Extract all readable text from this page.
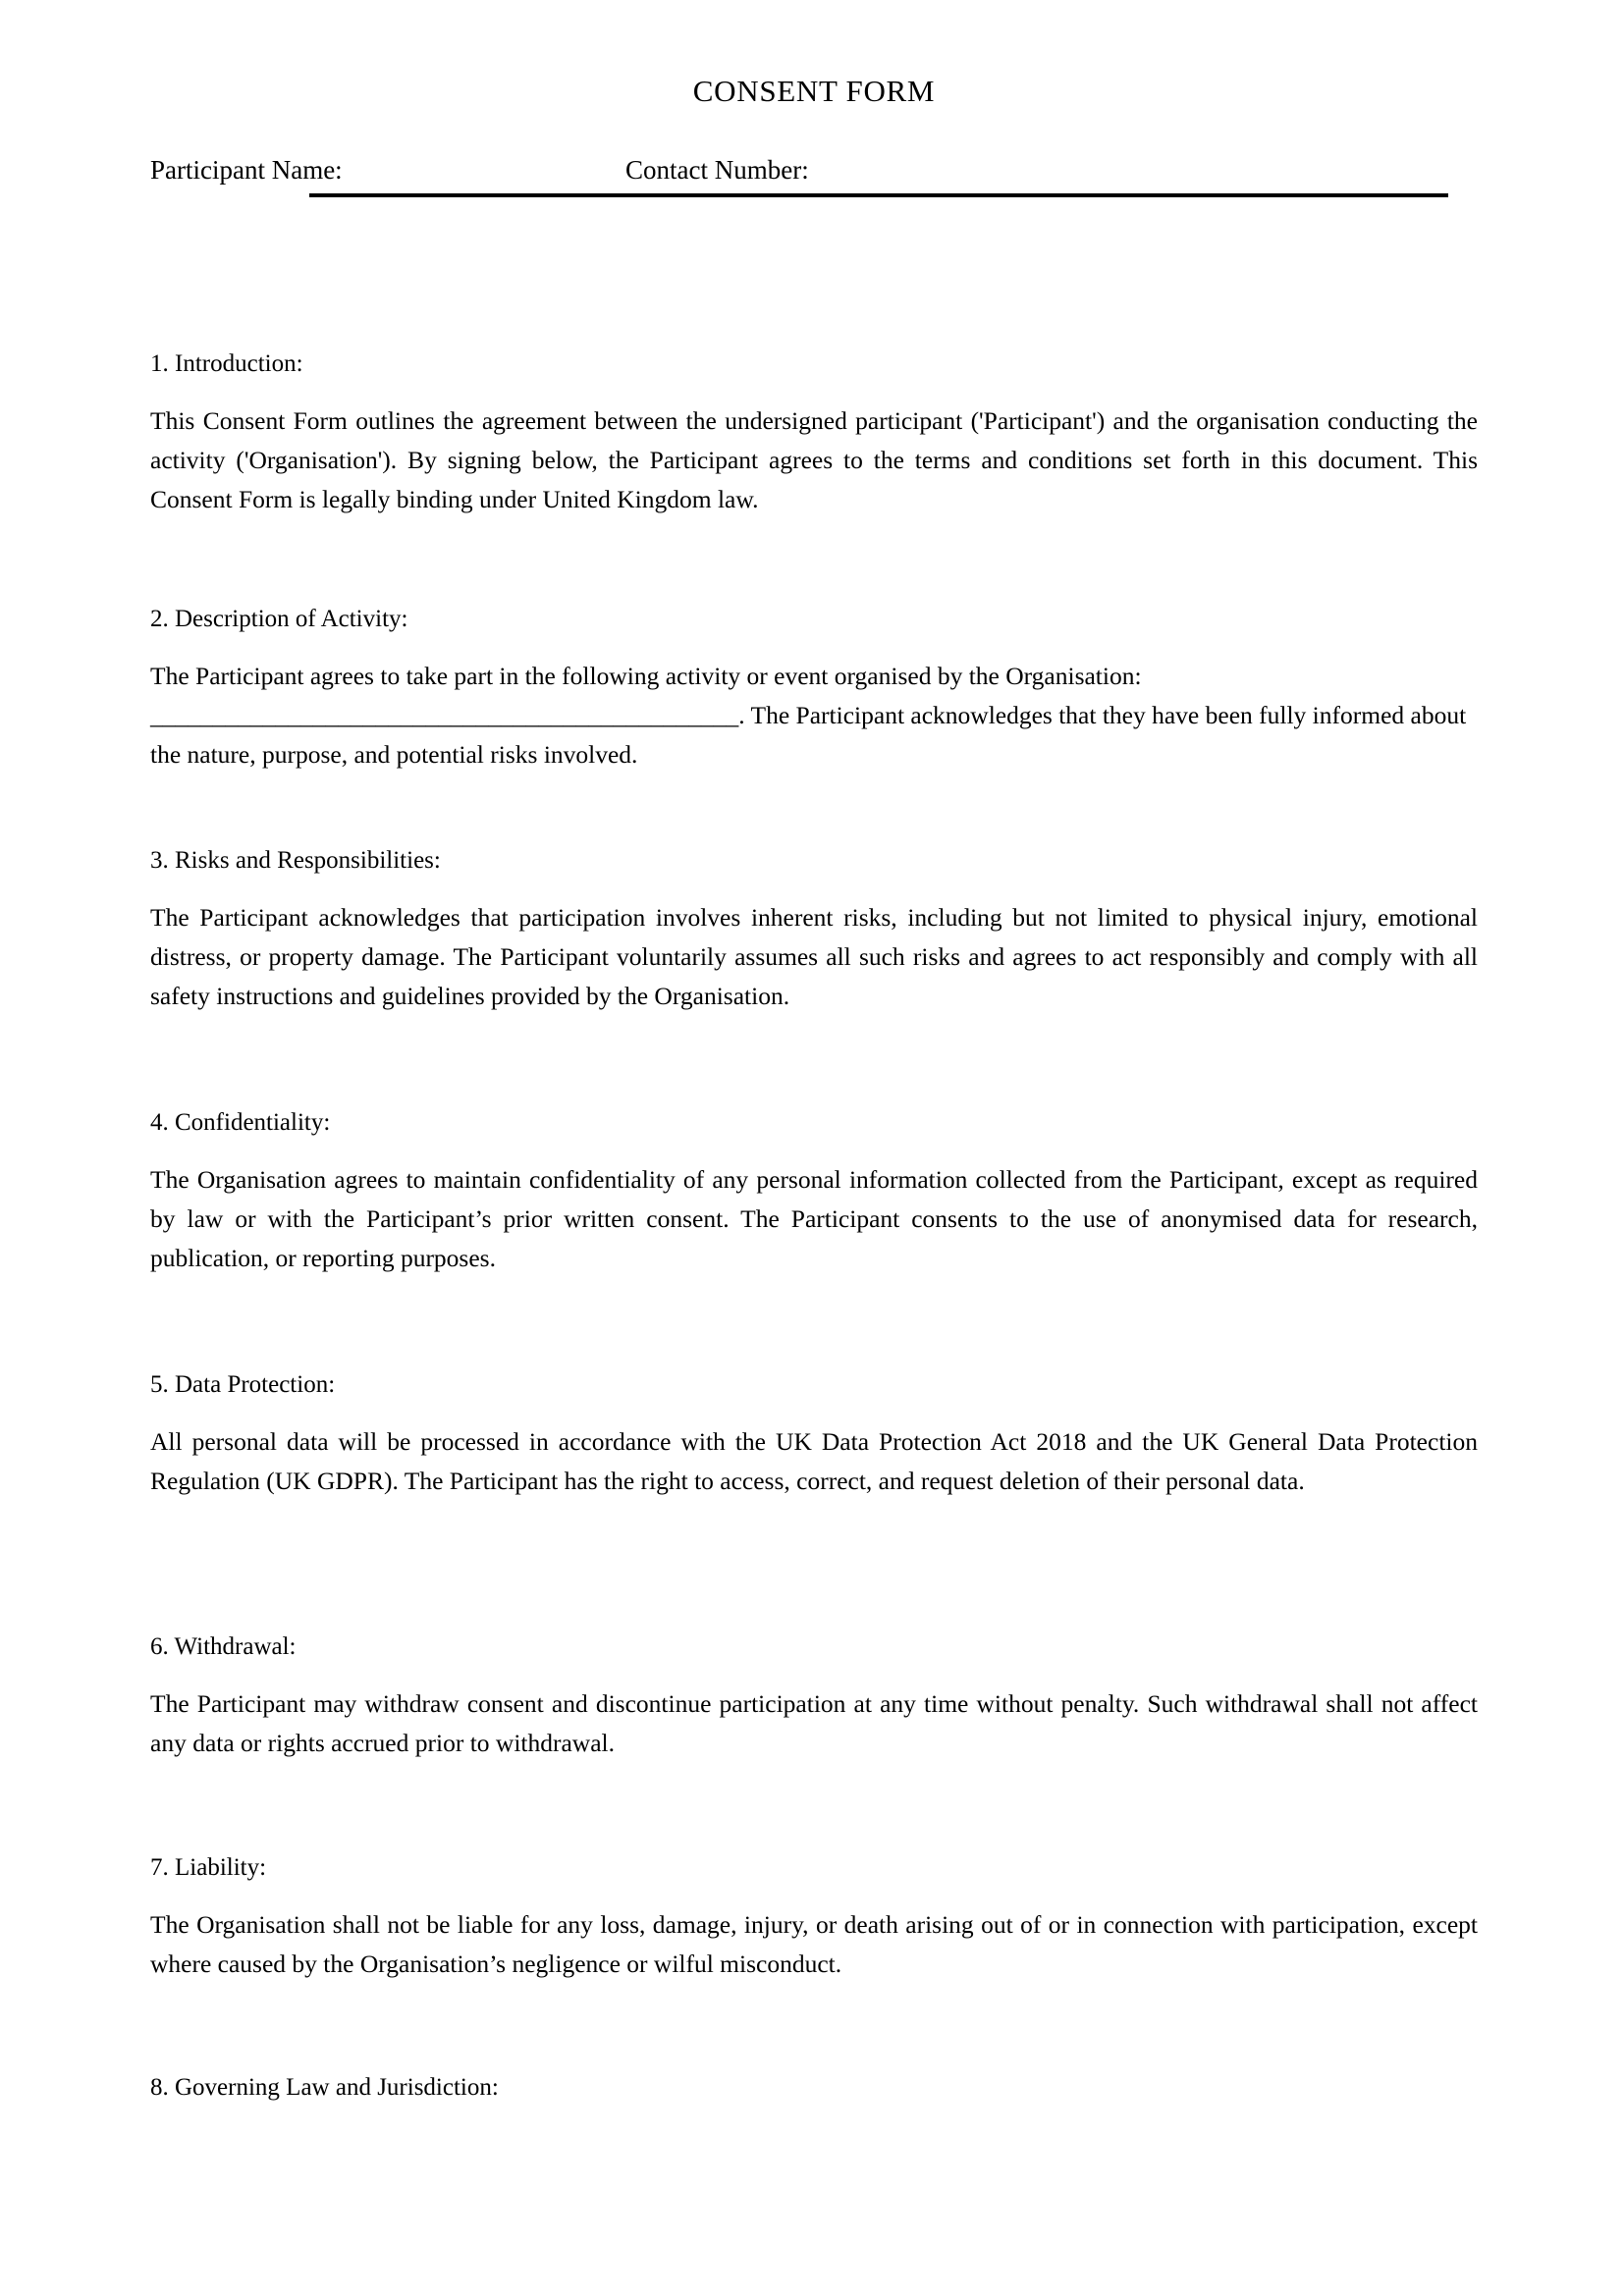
CONSENT FORM
Participant Name:	Contact Number:

1. Introduction:

This Consent Form outlines the agreement between the undersigned participant ('Participant') and the organisation conducting the activity ('Organisation'). By signing below, the Participant agrees to the terms and conditions set forth in this document. This Consent Form is legally binding under United Kingdom law.

2. Description of Activity:

The Participant agrees to take part in the following activity or event organised by the Organisation:
_______________________________________________. The Participant acknowledges that they have been fully informed about the nature, purpose, and potential risks involved.

3. Risks and Responsibilities:

The Participant acknowledges that participation involves inherent risks, including but not limited to physical injury, emotional distress, or property damage. The Participant voluntarily assumes all such risks and agrees to act responsibly and comply with all safety instructions and guidelines provided by the Organisation.

4. Confidentiality:

The Organisation agrees to maintain confidentiality of any personal information collected from the Participant, except as required by law or with the Participant’s prior written consent. The Participant consents to the use of anonymised data for research, publication, or reporting purposes.

5. Data Protection:

All personal data will be processed in accordance with the UK Data Protection Act 2018 and the UK General Data Protection Regulation (UK GDPR). The Participant has the right to access, correct, and request deletion of their personal data.

6. Withdrawal:

The Participant may withdraw consent and discontinue participation at any time without penalty. Such withdrawal shall not affect any data or rights accrued prior to withdrawal.

7. Liability:

The Organisation shall not be liable for any loss, damage, injury, or death arising out of or in connection with participation, except where caused by the Organisation’s negligence or wilful misconduct.

8. Governing Law and Jurisdiction:
